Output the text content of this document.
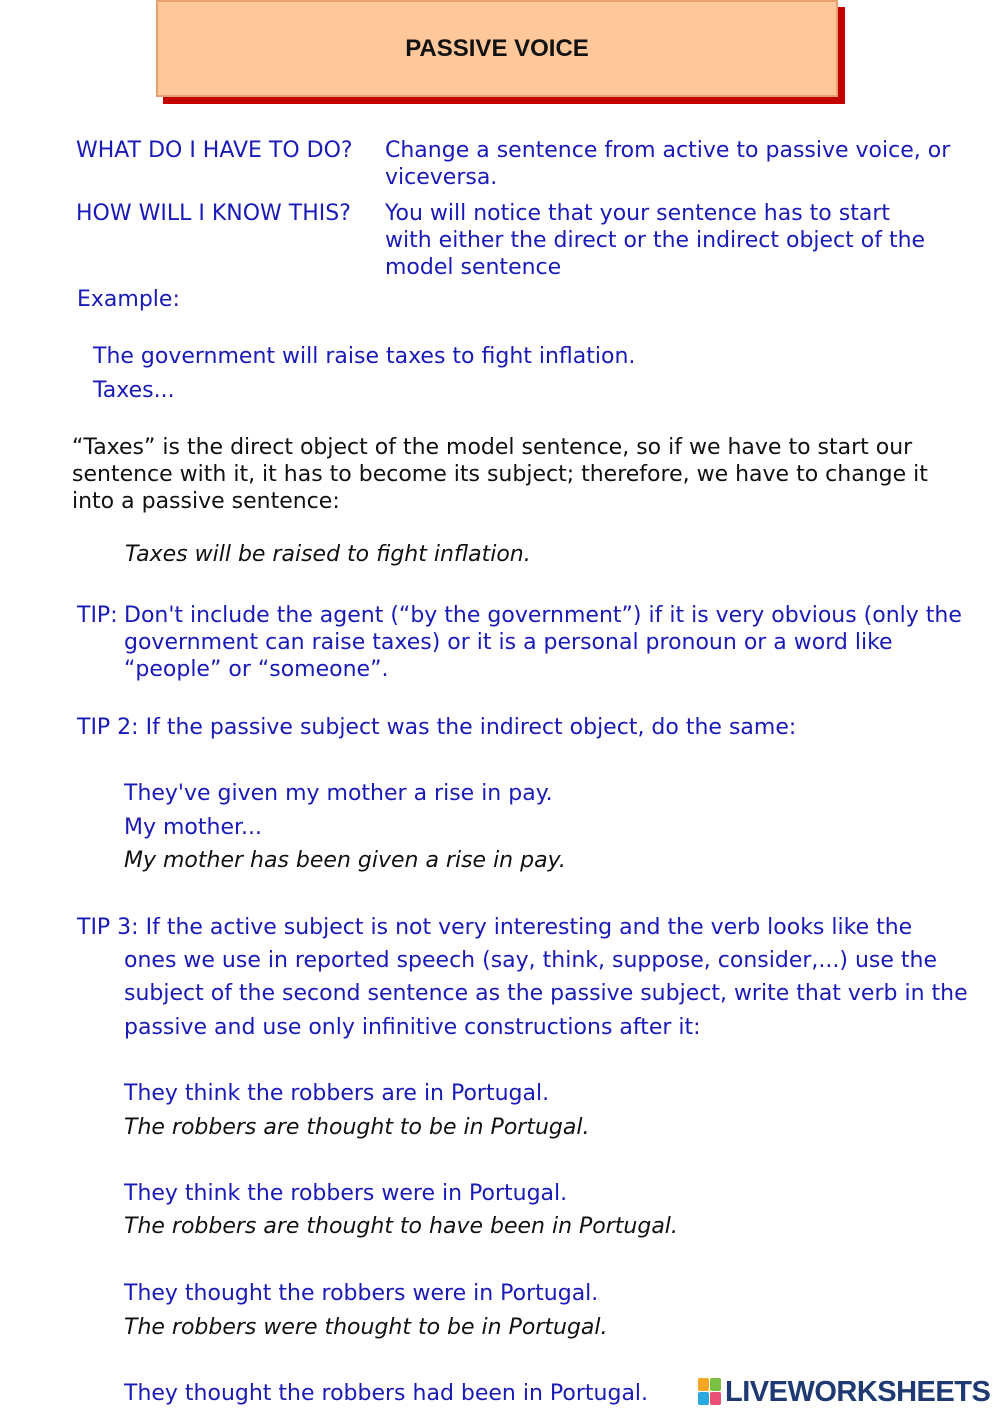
PASSIVE VOICE
WHAT DO I HAVE TO DO? Change a sentence from active to passive voice, or
viceversa.
HOW WILL I KNOW THIS? You will notice that your sentence has to start
with either the direct or the indirect object of the
model sentence
Example:
The government will raise taxes to fight inflation.
Taxes...
“Taxes” is the direct object of the model sentence, so if we have to start our
sentence with it, it has to become its subject; therefore, we have to change it
into a passive sentence:
Taxes will be raised to fight inflation.
TIP: Don't include the agent (“by the government”) if it is very obvious (only the
government can raise taxes) or it is a personal pronoun or a word like
“people” or “someone”.
TIP 2: If the passive subject was the indirect object, do the same:
They've given my mother a rise in pay.
My mother...
My mother has been given a rise in pay.
TIP 3: If the active subject is not very interesting and the verb looks like the
ones we use in reported speech (say, think, suppose, consider,...) use the
subject of the second sentence as the passive subject, write that verb in the
passive and use only infinitive constructions after it:
They think the robbers are in Portugal.
The robbers are thought to be in Portugal.
They think the robbers were in Portugal.
The robbers are thought to have been in Portugal.
They thought the robbers were in Portugal.
The robbers were thought to be in Portugal.
They thought the robbers had been in Portugal.	LIVEWORKSHEETS
